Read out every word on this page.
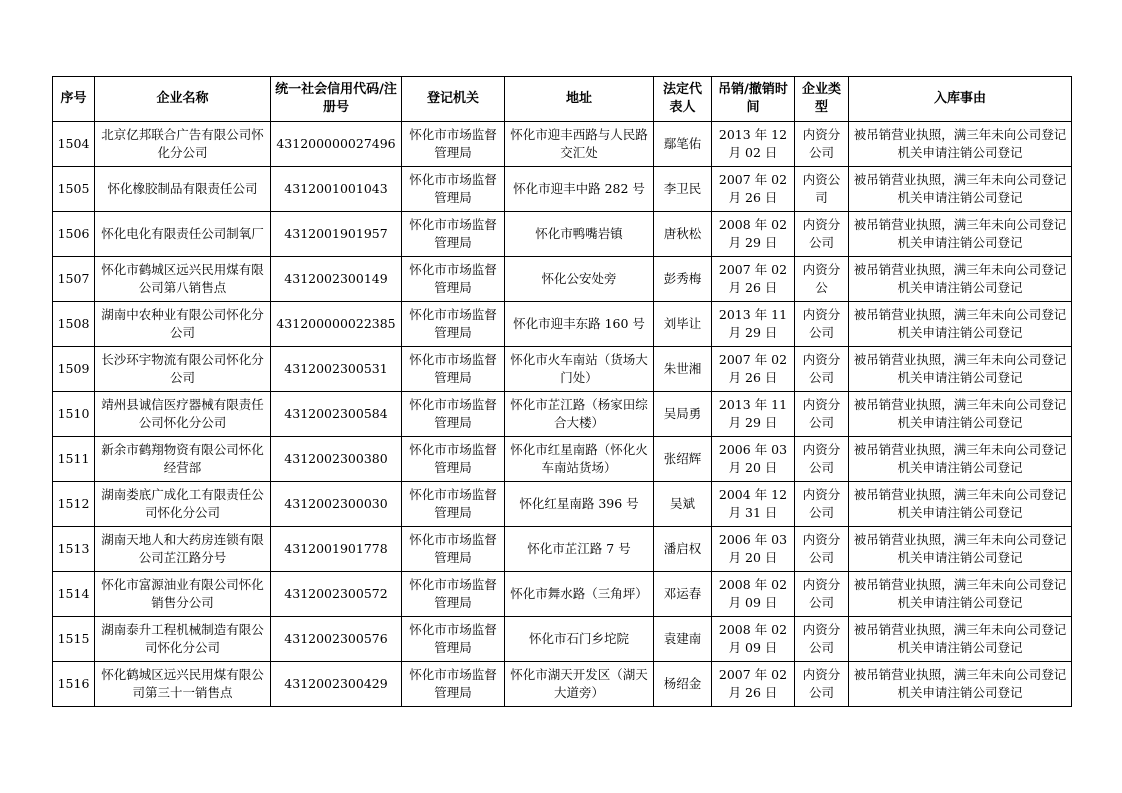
序号	企业名称	统一社会信用代码/注册号	登记机关	地址	法定代表人	吊销/撤销时间	企业类型	入库事由
1504	北京亿邦联合广告有限公司怀化分公司	431200000027496	怀化市市场监督管理局	怀化市迎丰西路与人民路交汇处	鄢笔佑	2013 年 12 月 02 日	内资分公司	被吊销营业执照，满三年未向公司登记机关申请注销公司登记
1505	怀化橡胶制品有限责任公司	4312001001043	怀化市市场监督管理局	怀化市迎丰中路 282 号	李卫民	2007 年 02 月 26 日	内资公司	被吊销营业执照，满三年未向公司登记机关申请注销公司登记
1506	怀化电化有限责任公司制氧厂	4312001901957	怀化市市场监督管理局	怀化市鸭嘴岩镇	唐秋松	2008 年 02 月 29 日	内资分公司	被吊销营业执照，满三年未向公司登记机关申请注销公司登记
1507	怀化市鹤城区远兴民用煤有限公司第八销售点	4312002300149	怀化市市场监督管理局	怀化公安处旁	彭秀梅	2007 年 02 月 26 日	内资分公	被吊销营业执照，满三年未向公司登记机关申请注销公司登记
1508	湖南中农种业有限公司怀化分公司	431200000022385	怀化市市场监督管理局	怀化市迎丰东路 160 号	刘毕让	2013 年 11 月 29 日	内资分公司	被吊销营业执照，满三年未向公司登记机关申请注销公司登记
1509	长沙环宇物流有限公司怀化分公司	4312002300531	怀化市市场监督管理局	怀化市火车南站（货场大门处）	朱世湘	2007 年 02 月 26 日	内资分公司	被吊销营业执照，满三年未向公司登记机关申请注销公司登记
1510	靖州县诚信医疗器械有限责任公司怀化分公司	4312002300584	怀化市市场监督管理局	怀化市芷江路（杨家田综合大楼）	吴局勇	2013 年 11 月 29 日	内资分公司	被吊销营业执照，满三年未向公司登记机关申请注销公司登记
1511	新余市鹤翔物资有限公司怀化经营部	4312002300380	怀化市市场监督管理局	怀化市红星南路（怀化火车南站货场）	张绍辉	2006 年 03 月 20 日	内资分公司	被吊销营业执照，满三年未向公司登记机关申请注销公司登记
1512	湖南娄底广成化工有限责任公司怀化分公司	4312002300030	怀化市市场监督管理局	怀化红星南路 396 号	吴斌	2004 年 12 月 31 日	内资分公司	被吊销营业执照，满三年未向公司登记机关申请注销公司登记
1513	湖南天地人和大药房连锁有限公司芷江路分号	4312001901778	怀化市市场监督管理局	怀化市芷江路 7 号	潘启权	2006 年 03 月 20 日	内资分公司	被吊销营业执照，满三年未向公司登记机关申请注销公司登记
1514	怀化市富源油业有限公司怀化销售分公司	4312002300572	怀化市市场监督管理局	怀化市舞水路（三角坪）	邓运春	2008 年 02 月 09 日	内资分公司	被吊销营业执照，满三年未向公司登记机关申请注销公司登记
1515	湖南泰升工程机械制造有限公司怀化分公司	4312002300576	怀化市市场监督管理局	怀化市石门乡坨院	袁建南	2008 年 02 月 09 日	内资分公司	被吊销营业执照，满三年未向公司登记机关申请注销公司登记
1516	怀化鹤城区远兴民用煤有限公司第三十一销售点	4312002300429	怀化市市场监督管理局	怀化市湖天开发区（湖天大道旁）	杨绍金	2007 年 02 月 26 日	内资分公司	被吊销营业执照，满三年未向公司登记机关申请注销公司登记
